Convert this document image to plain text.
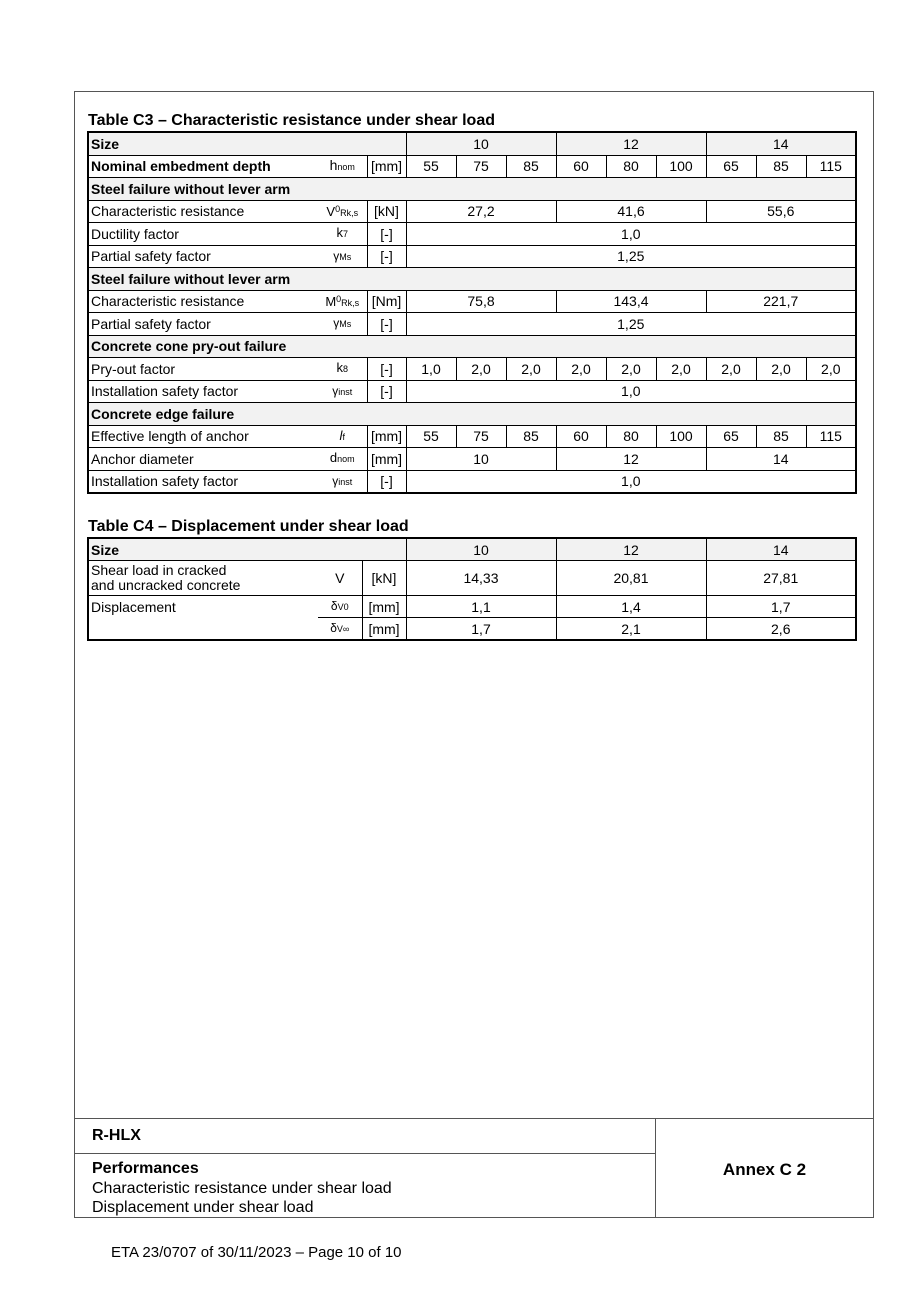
Table C3 – Characteristic resistance under shear load
Size			10			12			14		
Nominal embedment depth	hnom	[mm]	55	75	85	60	80	100	65	85	115
Steel failure without lever arm											
Characteristic resistance	$V^0Rk,s$	[kN]	27,2			41,6			55,6		
Ductility factor	k7	[-]	1,0								
Partial safety factor	γMs	[-]	1,25								
Steel failure without lever arm											
Characteristic resistance	$M^0Rk,s$	[Nm]	75,8			143,4			221,7		
Partial safety factor	γMs	[-]	1,25								
Concrete cone pry-out failure											
Pry-out factor	k8	[-]	1,0	2,0	2,0	2,0	2,0	2,0	2,0	2,0	2,0
Installation safety factor	γinst	[-]	1,0								
Concrete edge failure											
Effective length of anchor	lf	[mm]	55	75	85	60	80	100	65	85	115
Anchor diameter	dnom	[mm]	10			12			14		
Installation safety factor	γinst	[-]	1,0								
Table C4 – Displacement under shear load
Size			10	12	14
Shear load in cracked
and uncracked concrete	V	[kN]	14,33	20,81	27,81
Displacement	δV0	[mm]	1,1	1,4	1,7
	δV∞	[mm]	1,7	2,1	2,6
R-HLX
Performances
Characteristic resistance under shear load
Displacement under shear load
Annex C 2
ETA 23/0707 of 30/11/2023 – Page 10 of 10
